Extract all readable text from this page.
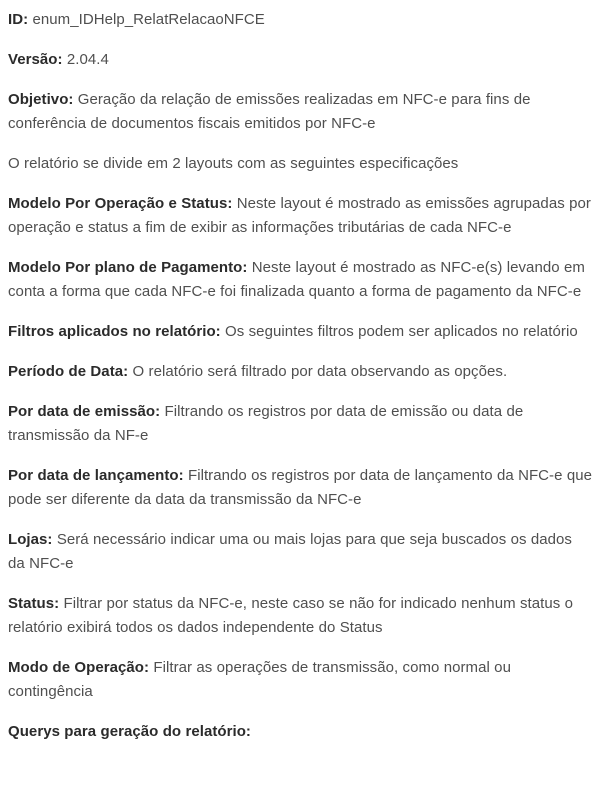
ID: enum_IDHelp_RelatRelacaoNFCE

Versão: 2.04.4

Objetivo: Geração da relação de emissões realizadas em NFC-e para fins de conferência de documentos fiscais emitidos por NFC-e

O relatório se divide em 2 layouts com as seguintes especificações

Modelo Por Operação e Status: Neste layout é mostrado as emissões agrupadas por operação e status a fim de exibir as informações tributárias de cada NFC-e

Modelo Por plano de Pagamento: Neste layout é mostrado as NFC-e(s) levando em conta a forma que cada NFC-e foi finalizada quanto a forma de pagamento da NFC-e

Filtros aplicados no relatório: Os seguintes filtros podem ser aplicados no relatório

Período de Data: O relatório será filtrado por data observando as opções.

Por data de emissão: Filtrando os registros por data de emissão ou data de transmissão da NF-e

Por data de lançamento: Filtrando os registros por data de lançamento da NFC-e que pode ser diferente da data da transmissão da NFC-e

Lojas: Será necessário indicar uma ou mais lojas para que seja buscados os dados da NFC-e

Status: Filtrar por status da NFC-e, neste caso se não for indicado nenhum status o relatório exibirá todos os dados independente do Status

Modo de Operação: Filtrar as operações de transmissão, como normal ou contingência

Querys para geração do relatório:
